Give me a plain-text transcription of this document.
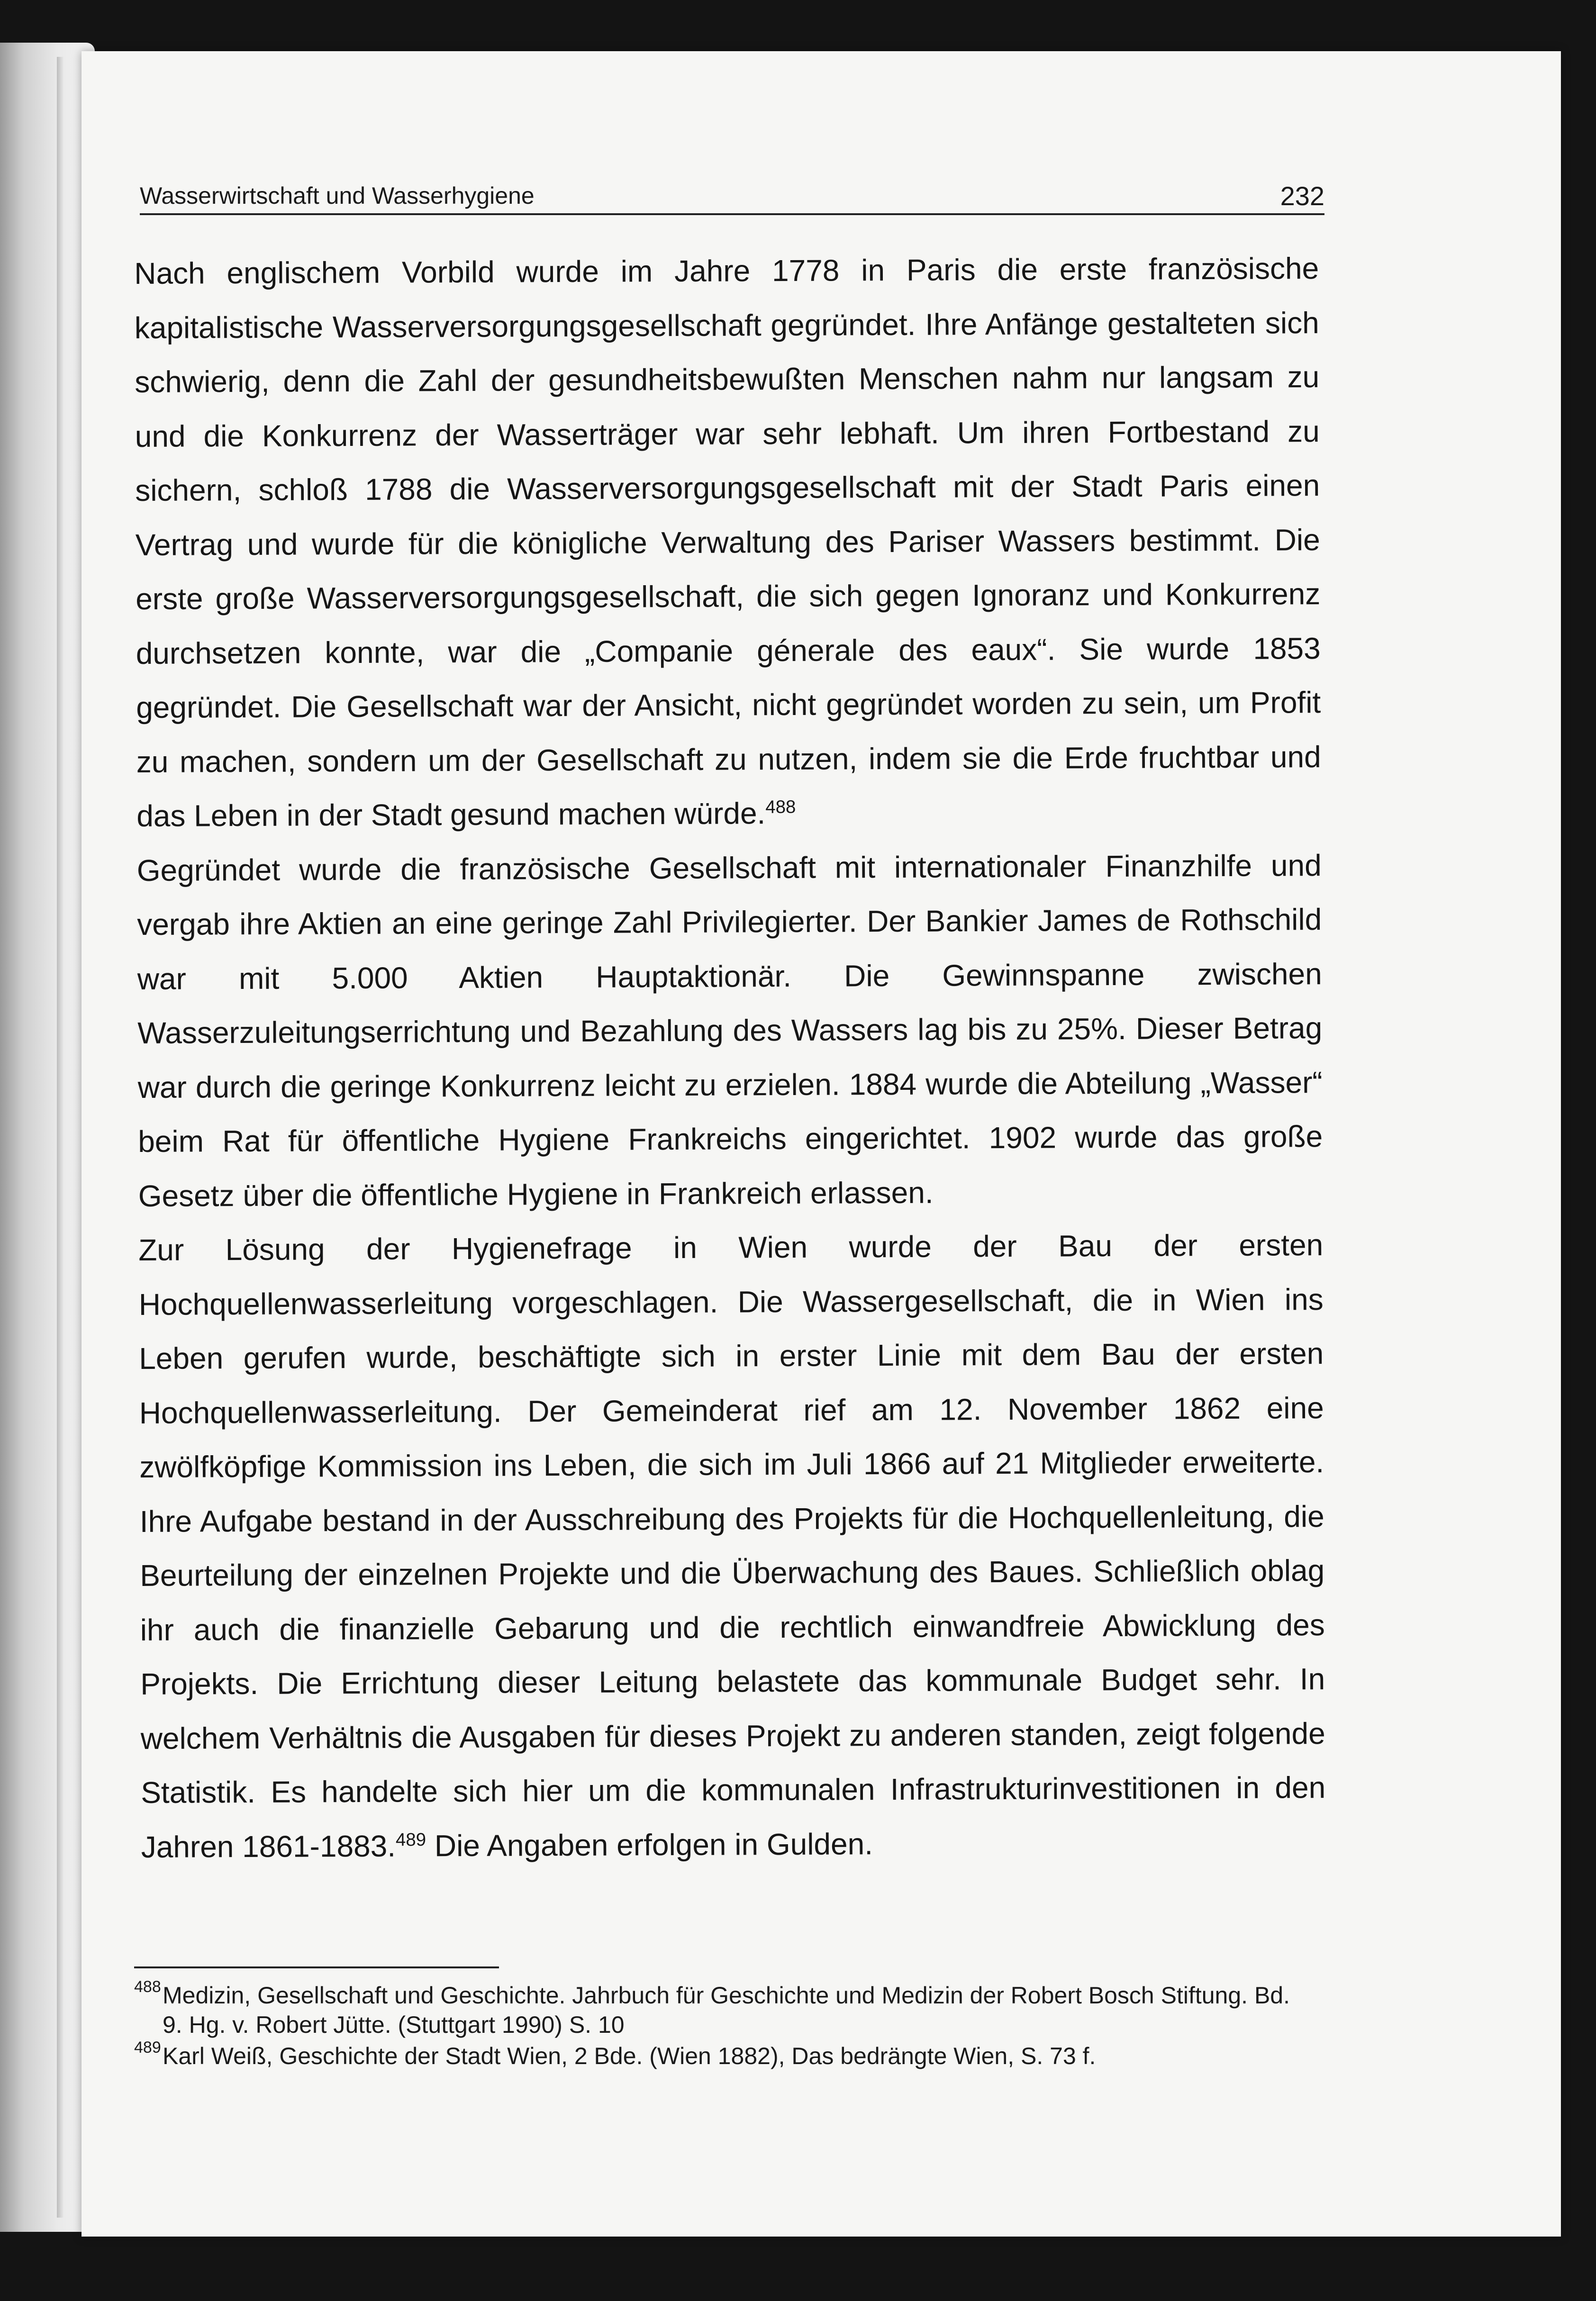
Wasserwirtschaft und Wasserhygiene	232

Nach englischem Vorbild wurde im Jahre 1778 in Paris die erste französische kapitalistische Wasserversorgungsgesellschaft gegründet. Ihre Anfänge gestalteten sich schwierig, denn die Zahl der gesundheitsbewußten Menschen nahm nur langsam zu und die Konkurrenz der Wasserträger war sehr lebhaft. Um ihren Fortbestand zu sichern, schloß 1788 die Wasserversorgungsgesellschaft mit der Stadt Paris einen Vertrag und wurde für die königliche Verwaltung des Pariser Wassers bestimmt. Die erste große Wasserversorgungsgesellschaft, die sich gegen Ignoranz und Konkurrenz durchsetzen konnte, war die „Companie génerale des eaux“. Sie wurde 1853 gegründet. Die Gesellschaft war der Ansicht, nicht gegründet worden zu sein, um Profit zu machen, sondern um der Gesellschaft zu nutzen, indem sie die Erde fruchtbar und das Leben in der Stadt gesund machen würde.$^{488}$

Gegründet wurde die französische Gesellschaft mit internationaler Finanzhilfe und vergab ihre Aktien an eine geringe Zahl Privilegierter. Der Bankier James de Rothschild war mit 5.000 Aktien Hauptaktionär. Die Gewinnspanne zwischen Wasserzuleitungserrichtung und Bezahlung des Wassers lag bis zu 25%. Dieser Betrag war durch die geringe Konkurrenz leicht zu erzielen. 1884 wurde die Abteilung „Wasser“ beim Rat für öffentliche Hygiene Frankreichs eingerichtet. 1902 wurde das große Gesetz über die öffentliche Hygiene in Frankreich erlassen.

Zur Lösung der Hygienefrage in Wien wurde der Bau der ersten Hochquellenwasserleitung vorgeschlagen. Die Wassergesellschaft, die in Wien ins Leben gerufen wurde, beschäftigte sich in erster Linie mit dem Bau der ersten Hochquellenwasserleitung. Der Gemeinderat rief am 12. November 1862 eine zwölfköpfige Kommission ins Leben, die sich im Juli 1866 auf 21 Mitglieder erweiterte. Ihre Aufgabe bestand in der Ausschreibung des Projekts für die Hochquellenleitung, die Beurteilung der einzelnen Projekte und die Überwachung des Baues. Schließlich oblag ihr auch die finanzielle Gebarung und die rechtlich einwandfreie Abwicklung des Projekts. Die Errichtung dieser Leitung belastete das kommunale Budget sehr. In welchem Verhältnis die Ausgaben für dieses Projekt zu anderen standen, zeigt folgende Statistik. Es handelte sich hier um die kommunalen Infrastrukturinvestitionen in den Jahren 1861-1883.$^{489}$ Die Angaben erfolgen in Gulden.

488 Medizin, Gesellschaft und Geschichte. Jahrbuch für Geschichte und Medizin der Robert Bosch Stiftung. Bd. 9. Hg. v. Robert Jütte. (Stuttgart 1990) S. 10
489 Karl Weiß, Geschichte der Stadt Wien, 2 Bde. (Wien 1882), Das bedrängte Wien, S. 73 f.
